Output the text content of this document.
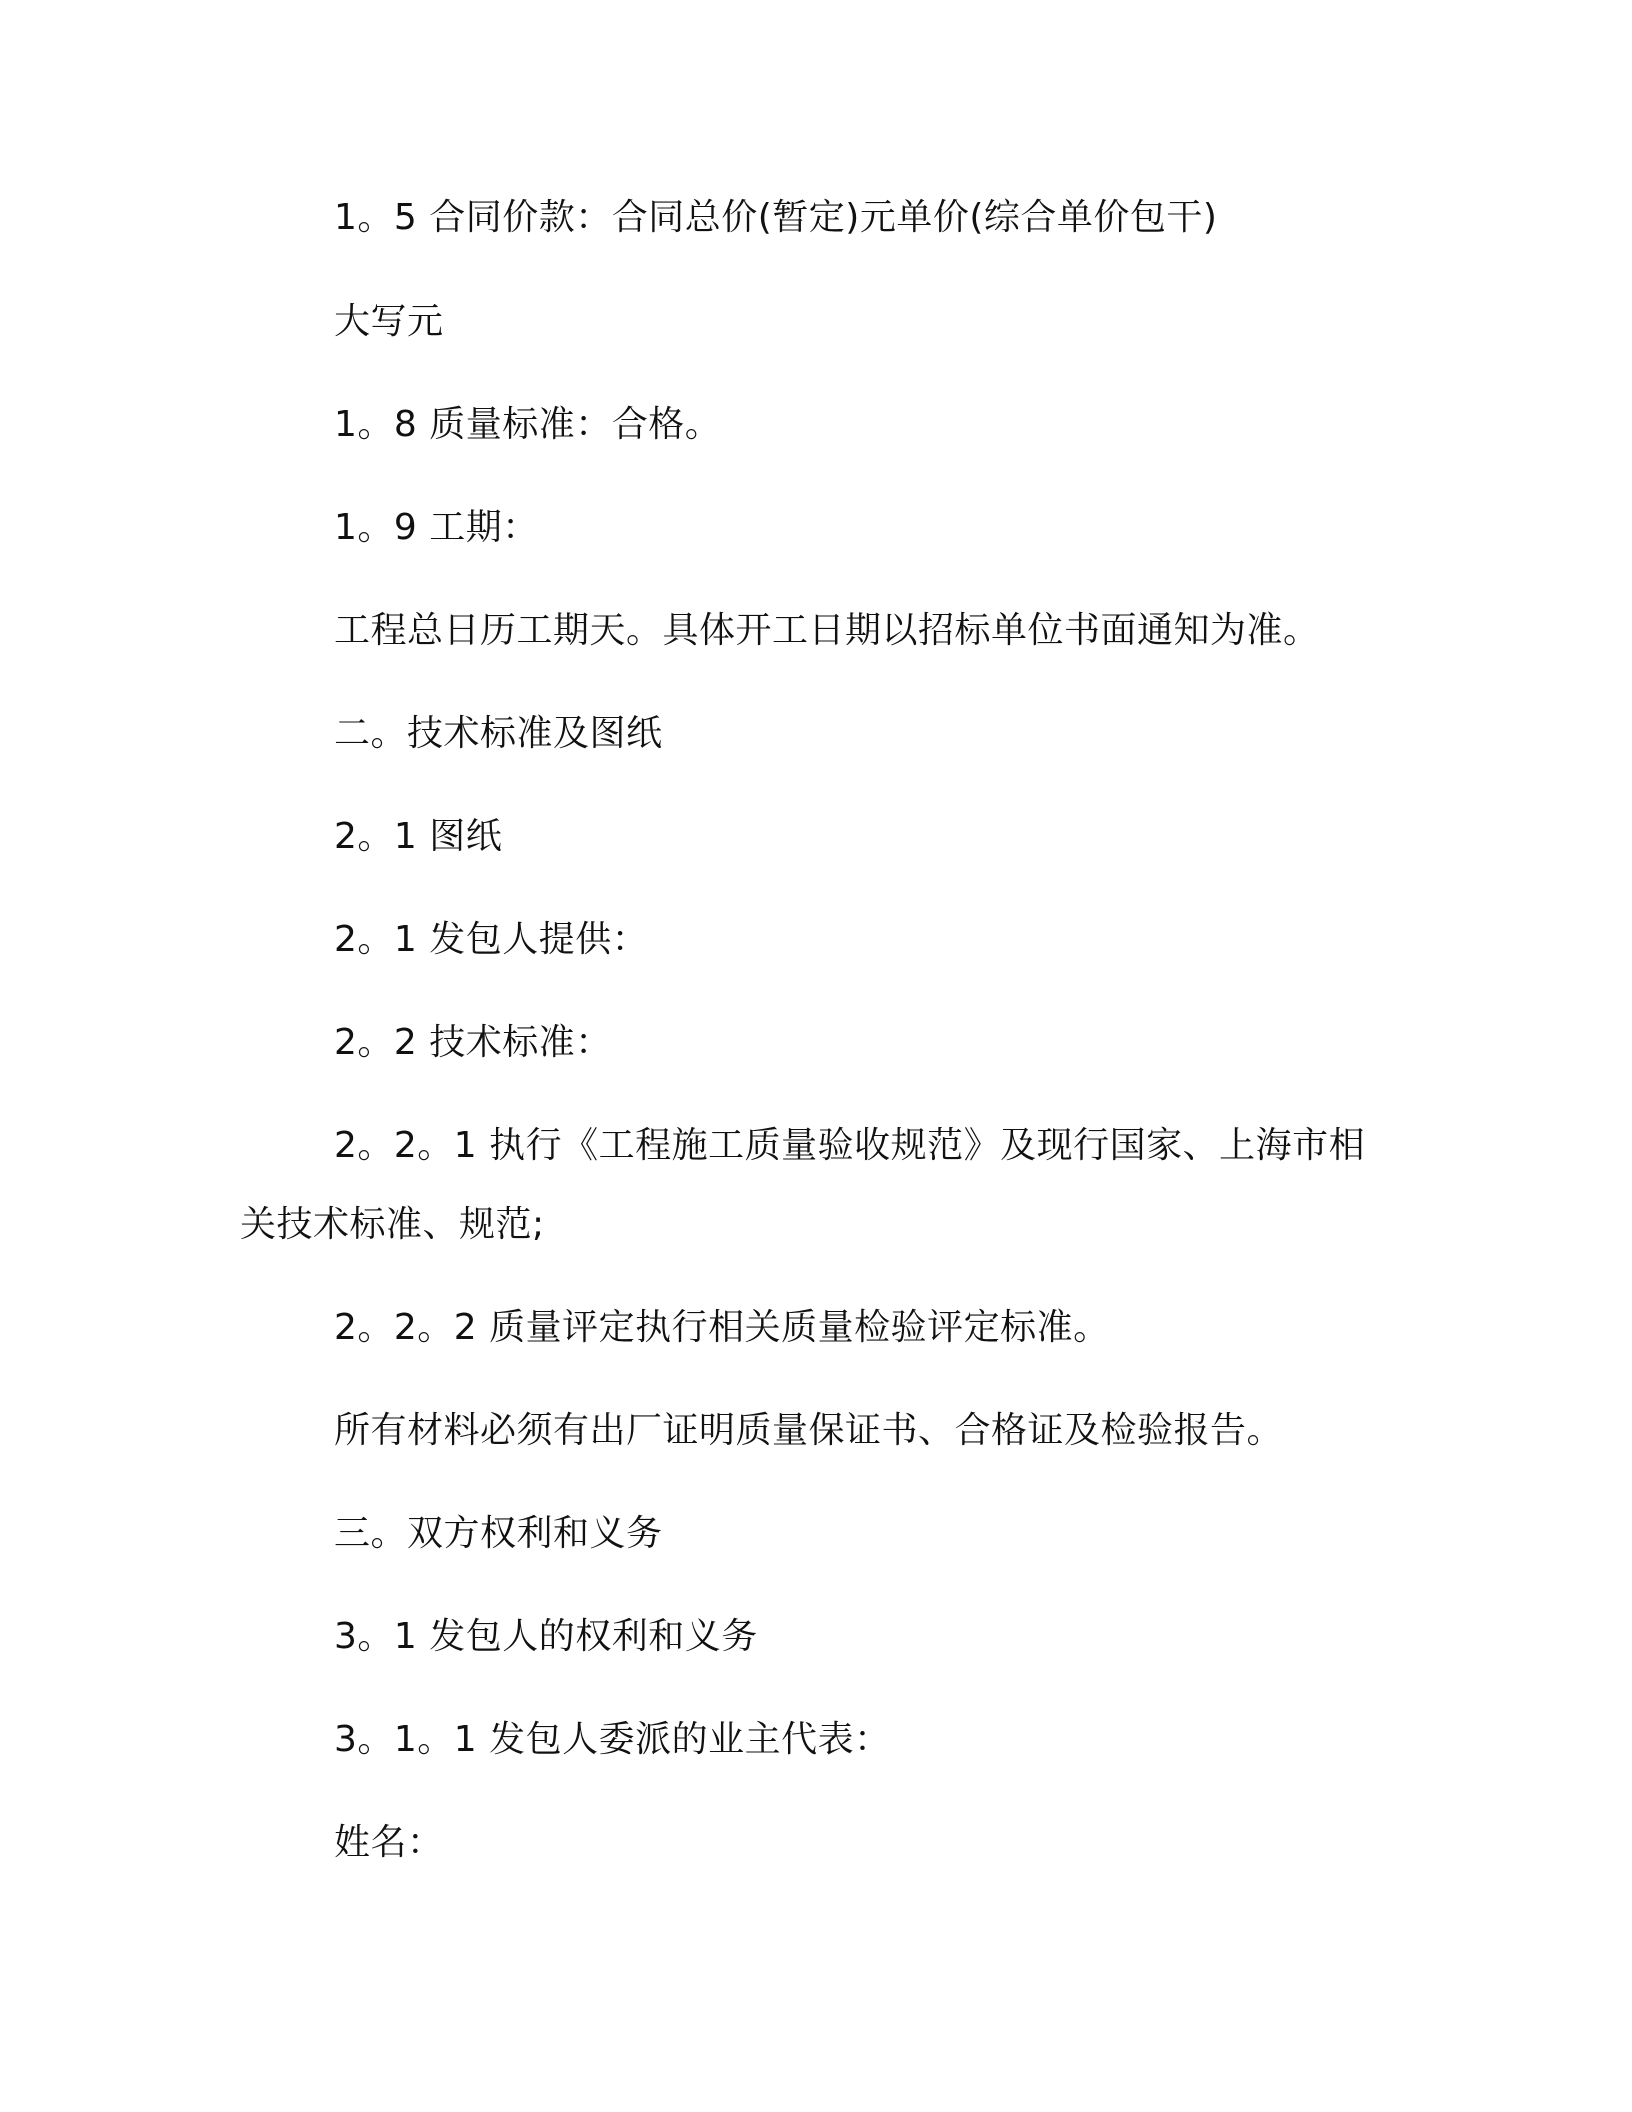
1。5 合同价款：合同总价(暂定)元单价(综合单价包干)
大写元
1。8 质量标准：合格。
1。9 工期：
工程总日历工期天。具体开工日期以招标单位书面通知为准。
二。技术标准及图纸
2。1 图纸
2。1 发包人提供：
2。2 技术标准：
2。2。1 执行《工程施工质量验收规范》及现行国家、上海市相
关技术标准、规范;
2。2。2 质量评定执行相关质量检验评定标准。
所有材料必须有出厂证明质量保证书、合格证及检验报告。
三。双方权利和义务
3。1 发包人的权利和义务
3。1。1 发包人委派的业主代表：
姓名：
